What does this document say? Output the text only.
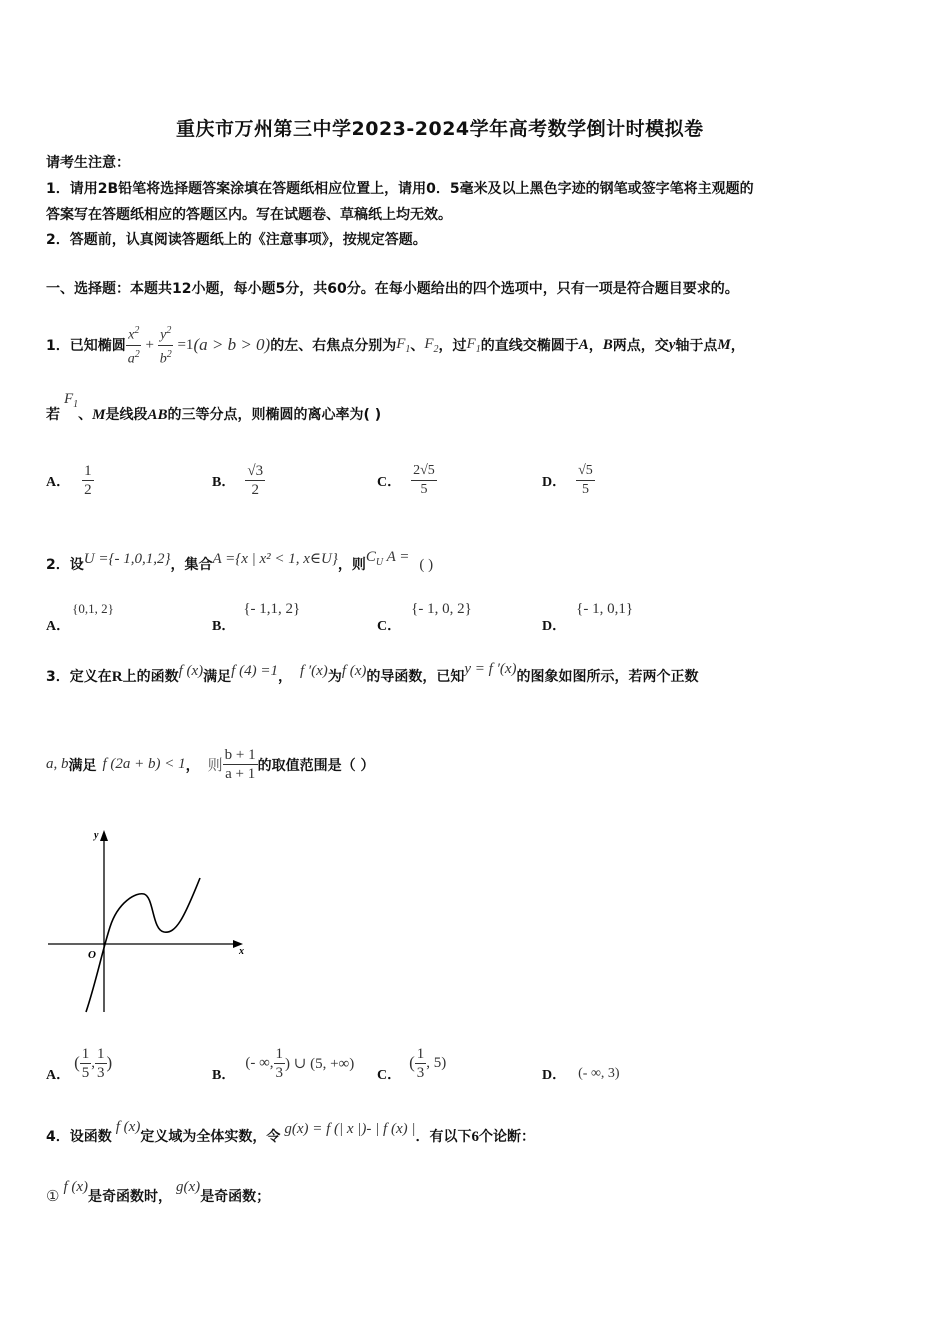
重庆市万州第三中学2023-2024学年高考数学倒计时模拟卷
请考生注意：
1．请用2B铅笔将选择题答案涂填在答题纸相应位置上，请用0．5毫米及以上黑色字迹的钢笔或签字笔将主观题的
答案写在答题纸相应的答题区内。写在试题卷、草稿纸上均无效。
2．答题前，认真阅读答题纸上的《注意事项》，按规定答题。
一、选择题：本题共12小题，每小题5分，共60分。在每小题给出的四个选项中，只有一项是符合题目要求的。
1．已知椭圆 $\frac{x^2}{a^2} + \frac{y^2}{b^2} =1$ (a > b > 0) 的左、右焦点分别为 $F_1$ 、 $F_2$ ，过 $F_1$ 的直线交椭圆于 A ， B 两点，交 y 轴于点 M ，
若
$F_1$
、 M 是线段 AB 的三等分点，则椭圆的离心率为( )
A． $\frac{1}{2}$	B． $\frac{√3}{2}$	C． $\frac{2√5}{5}$	D． $\frac{√5}{5}$
2．设 U ={- 1,0,1,2} ，集合 A ={x | x² < 1, x∈U} ，则 $C_U$ A = ( )
A．
{0,1, 2}
B．
{- 1,1, 2}
C．
{- 1, 0, 2}
D．
{- 1, 0,1}
3．定义在 R 上的函数 f (x) 满足 f (4) =1 ， f ′(x) 为 f (x) 的导函数，已知 y = f ′(x) 的图象如图所示，若两个正数
a, b 满足 f (2a + b) < 1 ， 则 $\frac{b + 1}{a + 1}$ 的取值范围是（ ）
y
x
O
A．
( $\frac{1}{5}$ , $\frac{1}{3}$ )
B．
(- ∞, $\frac{1}{3}$ ) ∪ (5, +∞)
C．
( $\frac{1}{3}$ , 5)
D． (- ∞, 3)
4．设函数
f (x)
定义域为全体实数，令 g(x) = f (| x |)- | f (x) | ．有以下 6 个论断：
①
f (x)
是奇函数时，
g(x)
是奇函数；
